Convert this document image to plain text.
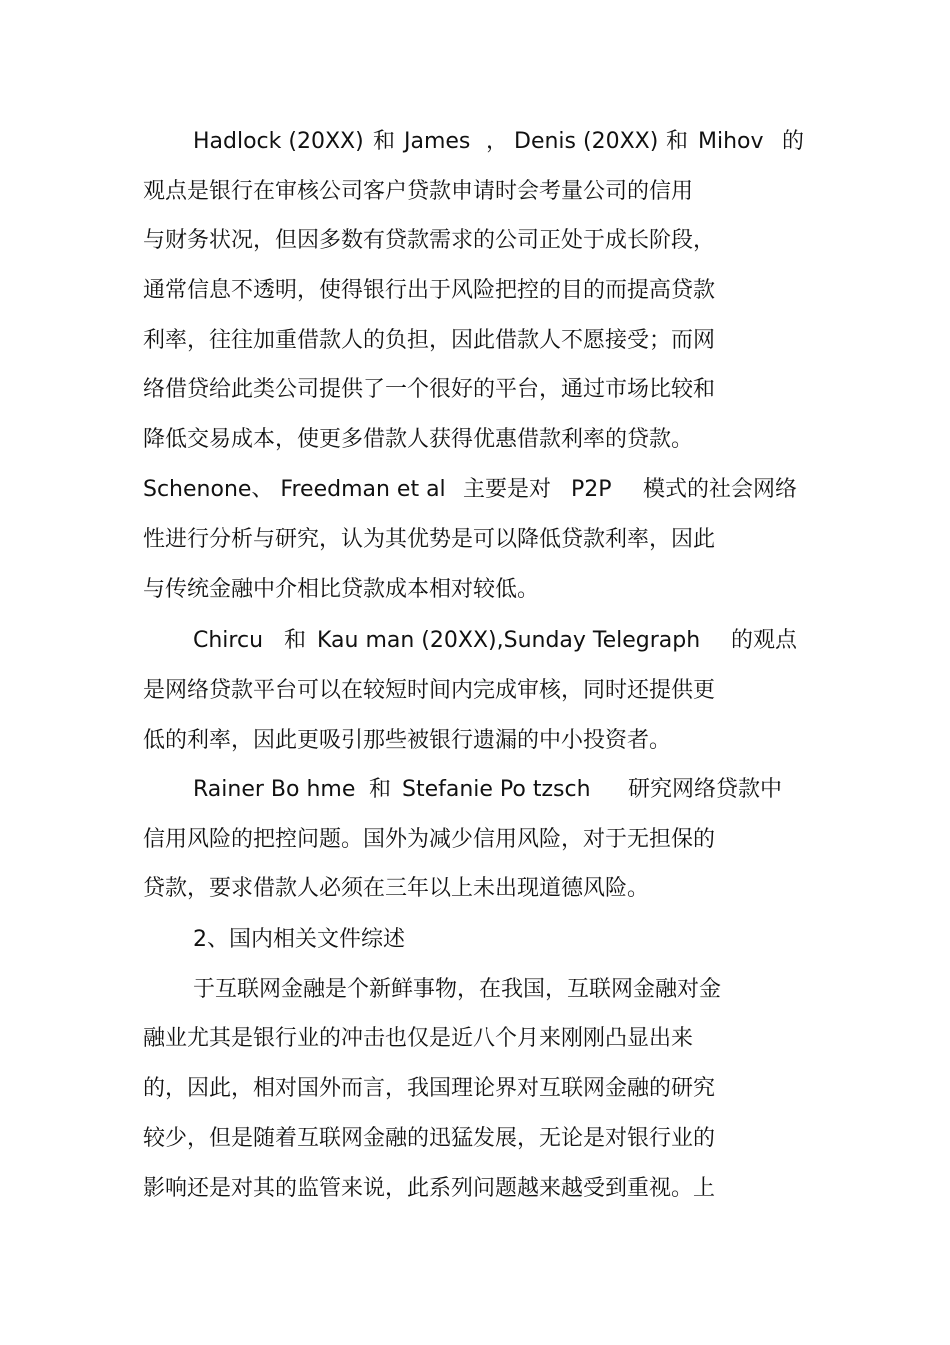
Hadlock (20XX) 和 James ， Denis (20XX) 和 Mihov 的
观点是银行在审核公司客户贷款申请时会考量公司的信用
与财务状况，但因多数有贷款需求的公司正处于成长阶段，
通常信息不透明，使得银行出于风险把控的目的而提高贷款
利率，往往加重借款人的负担，因此借款人不愿接受；而网
络借贷给此类公司提供了一个很好的平台，通过市场比较和
降低交易成本，使更多借款人获得优惠借款利率的贷款。
Schenone、 Freedman et al 主要是对 P2P 模式的社会网络
性进行分析与研究，认为其优势是可以降低贷款利率，因此
与传统金融中介相比贷款成本相对较低。
Chircu 和 Kau man (20XX),Sunday Telegraph 的观点
是网络贷款平台可以在较短时间内完成审核，同时还提供更
低的利率，因此更吸引那些被银行遗漏的中小投资者。
Rainer Bo hme 和 Stefanie Po tzsch 研究网络贷款中
信用风险的把控问题。国外为减少信用风险，对于无担保的
贷款，要求借款人必须在三年以上未出现道德风险。
2、国内相关文件综述
于互联网金融是个新鲜事物，在我国，互联网金融对金
融业尤其是银行业的冲击也仅是近八个月来刚刚凸显出来
的，因此，相对国外而言，我国理论界对互联网金融的研究
较少，但是随着互联网金融的迅猛发展，无论是对银行业的
影响还是对其的监管来说，此系列问题越来越受到重视。上
